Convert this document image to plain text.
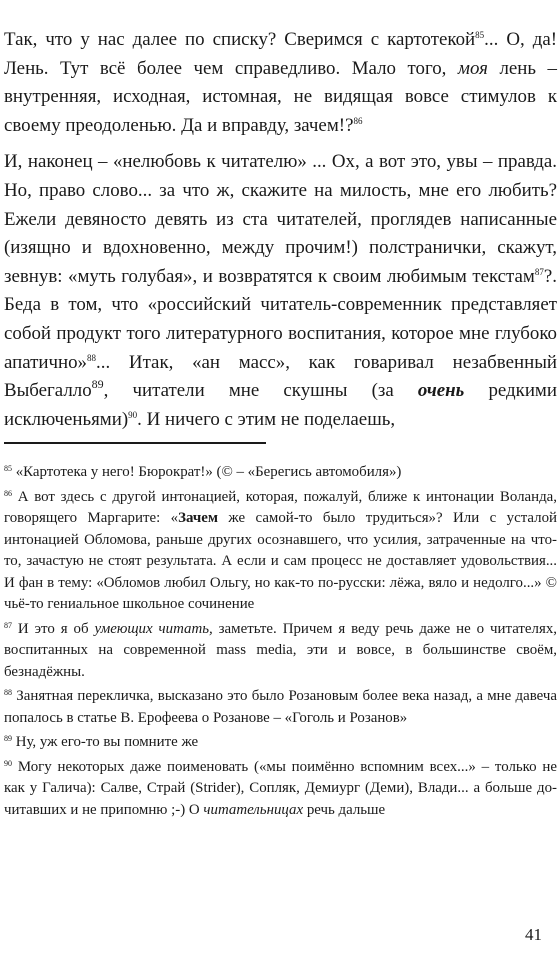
Так, что у нас далее по списку? Сверимся с картотекой$^{85}$... О, да! Лень. Тут всё более чем справедливо. Мало того, моя лень – внутренняя, исходная, истомная, не видящая вовсе стимулов к своему преодоленью. Да и вправду, зачем!?$^{86}$

И, наконец – «нелюбовь к читателю» ... Ох, а вот это, увы – правда. Но, право слово... за что ж, скажите на милость, мне его любить? Ежели девяносто девять из ста читателей, проглядев написанные (изящно и вдохновенно, между прочим!) полстранички, скажут, зевнув: «муть голубая», и возвратятся к своим любимым текстам$^{87}$?. Беда в том, что «российский читатель-современник представляет собой продукт того литературного воспитания, которое мне глубоко апатично»$^{88}$... Итак, «ан масс», как говаривал незабвенный Выбегалло$^{89}$, читатели мне скушны (за очень редкими исключеньями)$^{90}$. И ничего с этим не поделаешь,

$^{85}$ «Картотека у него! Бюрократ!» (© – «Берегись автомобиля»)

$^{86}$ А вот здесь с другой интонацией, которая, пожалуй, ближе к интонации Воланда, говорящего Маргарите: «Зачем же самой-то было трудиться»? Или с усталой интонацией Обломова, раньше других осознавшего, что усилия, затраченные на что-то, зачастую не стоят результата. А если и сам процесс не доставляет удовольствия... И фан в тему: «Обломов любил Ольгу, но как-то по-русски: лёжа, вяло и недолго...» © чьё-то гениальное школьное сочинение

$^{87}$ И это я об умеющих читать, заметьте. Причем я веду речь даже не о читателях, воспитанных на современной mass media, эти и вовсе, в большинстве своём, безнадёжны.

$^{88}$ Занятная перекличка, высказано это было Розановым более века назад, а мне давеча попалось в статье В. Ерофеева о Розанове – «Гоголь и Розанов»

$^{89}$ Ну, уж его-то вы помните же

$^{90}$ Могу некоторых даже поименовать («мы поимённо вспомним всех...» – только не как у Галича): Салве, Страй (Strider), Сопляк, Демиург (Деми), Влади... а больше до-читавших и не припомню ;-) О читательницах речь дальше

41
